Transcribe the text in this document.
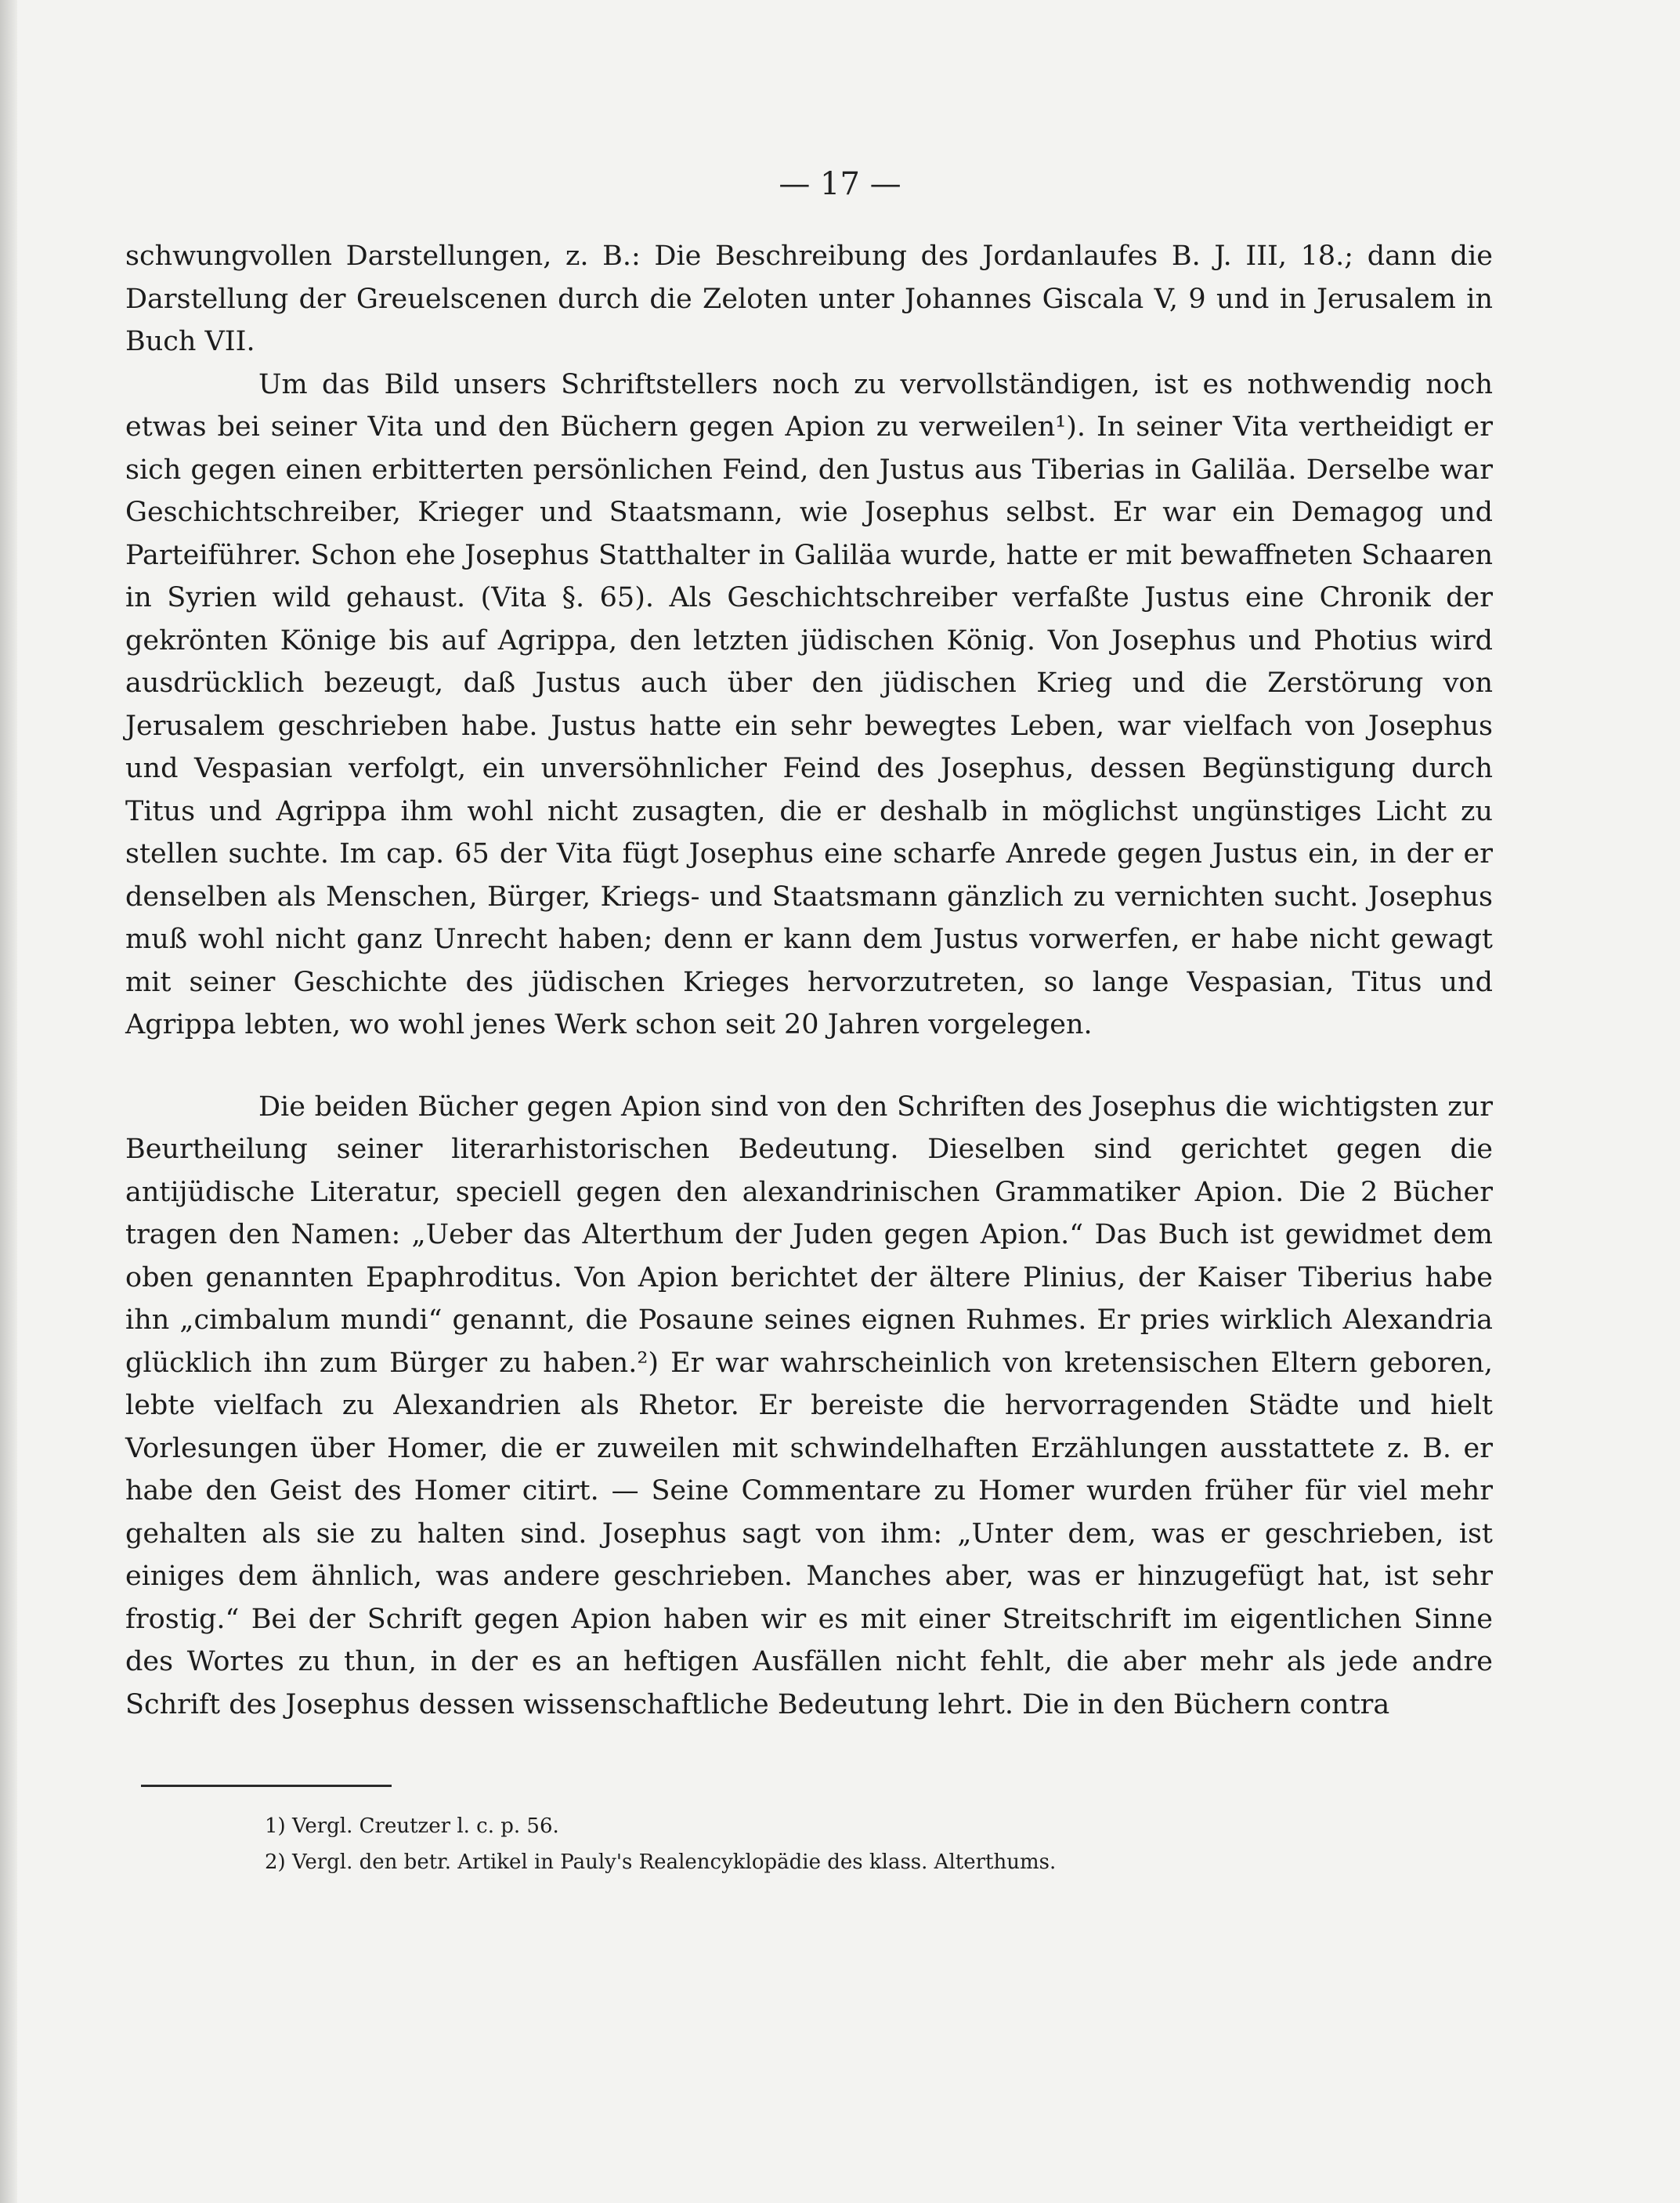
— 17 —

schwungvollen Darstellungen, z. B.: Die Beschreibung des Jordanlaufes B. J. III, 18.; dann die Darstellung der Greuelscenen durch die Zeloten unter Johannes Giscala V, 9 und in Jerusalem in Buch VII.

Um das Bild unsers Schriftstellers noch zu vervollständigen, ist es nothwendig noch etwas bei seiner Vita und den Büchern gegen Apion zu verweilen¹). In seiner Vita vertheidigt er sich gegen einen erbitterten persönlichen Feind, den Justus aus Tiberias in Galiläa. Derselbe war Geschichtschreiber, Krieger und Staatsmann, wie Josephus selbst. Er war ein Demagog und Parteiführer. Schon ehe Josephus Statthalter in Galiläa wurde, hatte er mit bewaffneten Schaaren in Syrien wild gehaust. (Vita §. 65). Als Geschichtschreiber verfaßte Justus eine Chronik der gekrönten Könige bis auf Agrippa, den letzten jüdischen König. Von Josephus und Photius wird ausdrücklich bezeugt, daß Justus auch über den jüdischen Krieg und die Zerstörung von Jerusalem geschrieben habe. Justus hatte ein sehr bewegtes Leben, war vielfach von Josephus und Vespasian verfolgt, ein unversöhnlicher Feind des Josephus, dessen Begünstigung durch Titus und Agrippa ihm wohl nicht zusagten, die er deshalb in möglichst ungünstiges Licht zu stellen suchte. Im cap. 65 der Vita fügt Josephus eine scharfe Anrede gegen Justus ein, in der er denselben als Menschen, Bürger, Kriegs- und Staatsmann gänzlich zu vernichten sucht. Josephus muß wohl nicht ganz Unrecht haben; denn er kann dem Justus vorwerfen, er habe nicht gewagt mit seiner Geschichte des jüdischen Krieges hervorzutreten, so lange Vespasian, Titus und Agrippa lebten, wo wohl jenes Werk schon seit 20 Jahren vorgelegen.

Die beiden Bücher gegen Apion sind von den Schriften des Josephus die wichtigsten zur Beurtheilung seiner literarhistorischen Bedeutung. Dieselben sind gerichtet gegen die antijüdische Literatur, speciell gegen den alexandrinischen Grammatiker Apion. Die 2 Bücher tragen den Namen: „Ueber das Alterthum der Juden gegen Apion.“ Das Buch ist gewidmet dem oben genannten Epaphroditus. Von Apion berichtet der ältere Plinius, der Kaiser Tiberius habe ihn „cimbalum mundi“ genannt, die Posaune seines eignen Ruhmes. Er pries wirklich Alexandria glücklich ihn zum Bürger zu haben.²) Er war wahrscheinlich von kretensischen Eltern geboren, lebte vielfach zu Alexandrien als Rhetor. Er bereiste die hervorragenden Städte und hielt Vorlesungen über Homer, die er zuweilen mit schwindelhaften Erzählungen ausstattete z. B. er habe den Geist des Homer citirt. — Seine Commentare zu Homer wurden früher für viel mehr gehalten als sie zu halten sind. Josephus sagt von ihm: „Unter dem, was er geschrieben, ist einiges dem ähnlich, was andere geschrieben. Manches aber, was er hinzugefügt hat, ist sehr frostig.“ Bei der Schrift gegen Apion haben wir es mit einer Streitschrift im eigentlichen Sinne des Wortes zu thun, in der es an heftigen Ausfällen nicht fehlt, die aber mehr als jede andre Schrift des Josephus dessen wissenschaftliche Bedeutung lehrt. Die in den Büchern contra

1) Vergl. Creutzer l. c. p. 56.
2) Vergl. den betr. Artikel in Pauly's Realencyklopädie des klass. Alterthums.
